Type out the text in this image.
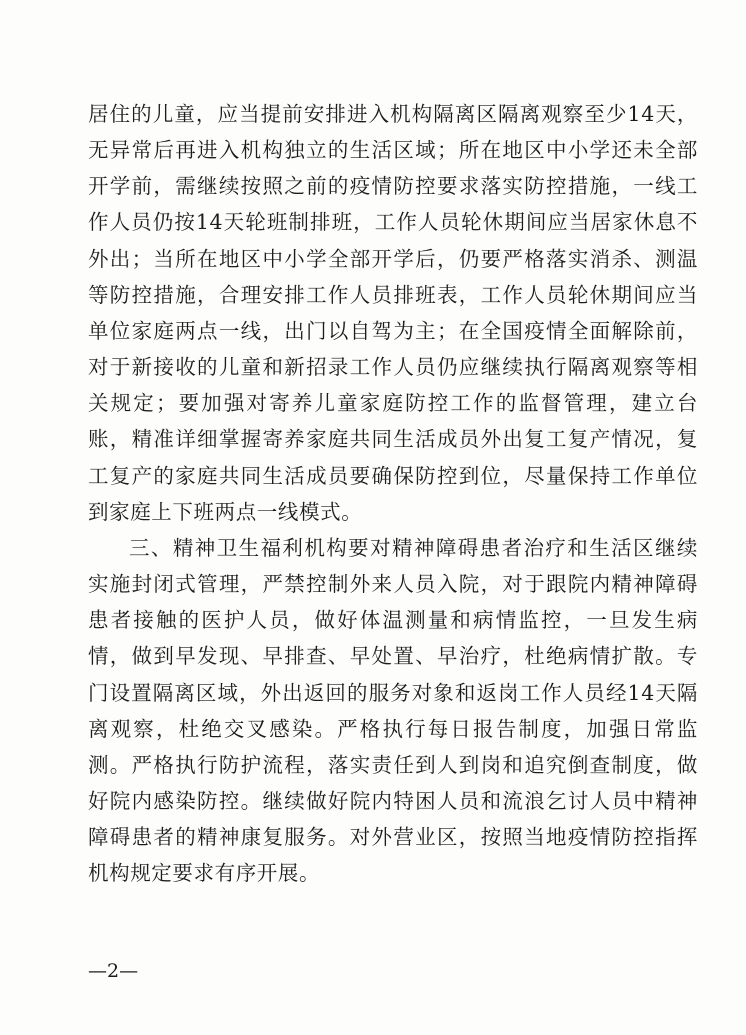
居住的儿童，应当提前安排进入机构隔离区隔离观察至少14天，无异常后再进入机构独立的生活区域；所在地区中小学还未全部开学前，需继续按照之前的疫情防控要求落实防控措施，一线工作人员仍按14天轮班制排班，工作人员轮休期间应当居家休息不外出；当所在地区中小学全部开学后，仍要严格落实消杀、测温等防控措施，合理安排工作人员排班表，工作人员轮休期间应当单位家庭两点一线，出门以自驾为主；在全国疫情全面解除前，对于新接收的儿童和新招录工作人员仍应继续执行隔离观察等相关规定；要加强对寄养儿童家庭防控工作的监督管理，建立台账，精准详细掌握寄养家庭共同生活成员外出复工复产情况，复工复产的家庭共同生活成员要确保防控到位，尽量保持工作单位到家庭上下班两点一线模式。

三、精神卫生福利机构要对精神障碍患者治疗和生活区继续实施封闭式管理，严禁控制外来人员入院，对于跟院内精神障碍患者接触的医护人员，做好体温测量和病情监控，一旦发生病情，做到早发现、早排查、早处置、早治疗，杜绝病情扩散。专门设置隔离区域，外出返回的服务对象和返岗工作人员经14天隔离观察，杜绝交叉感染。严格执行每日报告制度，加强日常监测。严格执行防护流程，落实责任到人到岗和追究倒查制度，做好院内感染防控。继续做好院内特困人员和流浪乞讨人员中精神障碍患者的精神康复服务。对外营业区，按照当地疫情防控指挥机构规定要求有序开展。

—2—
